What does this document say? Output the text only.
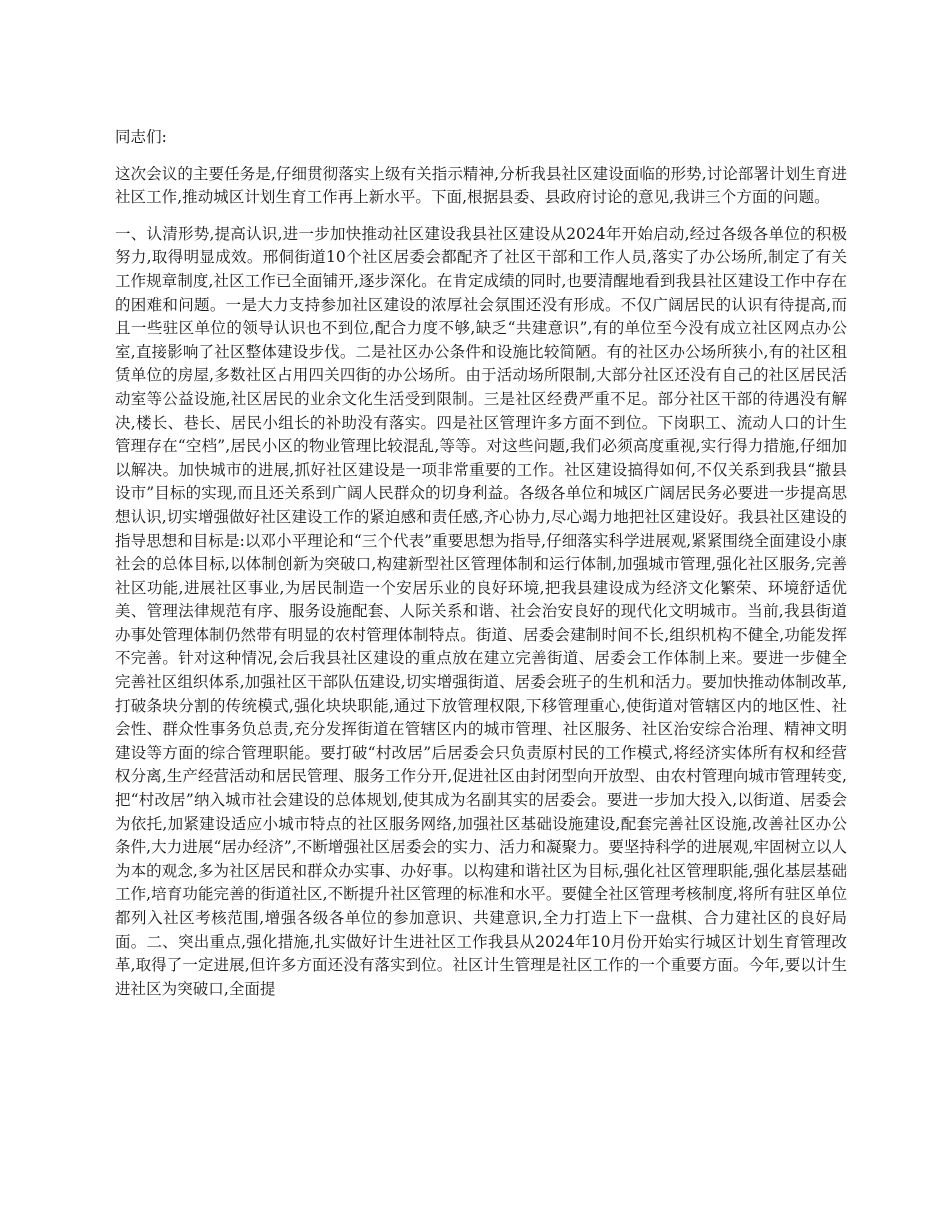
同志们:

这次会议的主要任务是,仔细贯彻落实上级有关指示精神,分析我县社区建设面临的形势,讨论部署计划生育进社区工作,推动城区计划生育工作再上新水平。下面,根据县委、县政府讨论的意见,我讲三个方面的问题。

一、认清形势,提高认识,进一步加快推动社区建设我县社区建设从2024年开始启动,经过各级各单位的积极努力,取得明显成效。邢侗街道10个社区居委会都配齐了社区干部和工作人员,落实了办公场所,制定了有关工作规章制度,社区工作已全面铺开,逐步深化。在肯定成绩的同时,也要清醒地看到我县社区建设工作中存在的困难和问题。一是大力支持参加社区建设的浓厚社会氛围还没有形成。不仅广阔居民的认识有待提高,而且一些驻区单位的领导认识也不到位,配合力度不够,缺乏“共建意识”,有的单位至今没有成立社区网点办公室,直接影响了社区整体建设步伐。二是社区办公条件和设施比较简陋。有的社区办公场所狭小,有的社区租赁单位的房屋,多数社区占用四关四街的办公场所。由于活动场所限制,大部分社区还没有自己的社区居民活动室等公益设施,社区居民的业余文化生活受到限制。三是社区经费严重不足。部分社区干部的待遇没有解决,楼长、巷长、居民小组长的补助没有落实。四是社区管理许多方面不到位。下岗职工、流动人口的计生管理存在“空档”,居民小区的物业管理比较混乱,等等。对这些问题,我们必须高度重视,实行得力措施,仔细加以解决。加快城市的进展,抓好社区建设是一项非常重要的工作。社区建设搞得如何,不仅关系到我县“撤县设市”目标的实现,而且还关系到广阔人民群众的切身利益。各级各单位和城区广阔居民务必要进一步提高思想认识,切实增强做好社区建设工作的紧迫感和责任感,齐心协力,尽心竭力地把社区建设好。我县社区建设的指导思想和目标是:以邓小平理论和“三个代表”重要思想为指导,仔细落实科学进展观,紧紧围绕全面建设小康社会的总体目标,以体制创新为突破口,构建新型社区管理体制和运行体制,加强城市管理,强化社区服务,完善社区功能,进展社区事业,为居民制造一个安居乐业的良好环境,把我县建设成为经济文化繁荣、环境舒适优美、管理法律规范有序、服务设施配套、人际关系和谐、社会治安良好的现代化文明城市。当前,我县街道办事处管理体制仍然带有明显的农村管理体制特点。街道、居委会建制时间不长,组织机构不健全,功能发挥不完善。针对这种情况,会后我县社区建设的重点放在建立完善街道、居委会工作体制上来。要进一步健全完善社区组织体系,加强社区干部队伍建设,切实增强街道、居委会班子的生机和活力。要加快推动体制改革,打破条块分割的传统模式,强化块块职能,通过下放管理权限,下移管理重心,使街道对管辖区内的地区性、社会性、群众性事务负总责,充分发挥街道在管辖区内的城市管理、社区服务、社区治安综合治理、精神文明建设等方面的综合管理职能。要打破“村改居”后居委会只负责原村民的工作模式,将经济实体所有权和经营权分离,生产经营活动和居民管理、服务工作分开,促进社区由封闭型向开放型、由农村管理向城市管理转变,把“村改居”纳入城市社会建设的总体规划,使其成为名副其实的居委会。要进一步加大投入,以街道、居委会为依托,加紧建设适应小城市特点的社区服务网络,加强社区基础设施建设,配套完善社区设施,改善社区办公条件,大力进展“居办经济”,不断增强社区居委会的实力、活力和凝聚力。要坚持科学的进展观,牢固树立以人为本的观念,多为社区居民和群众办实事、办好事。以构建和谐社区为目标,强化社区管理职能,强化基层基础工作,培育功能完善的街道社区,不断提升社区管理的标准和水平。要健全社区管理考核制度,将所有驻区单位都列入社区考核范围,增强各级各单位的参加意识、共建意识,全力打造上下一盘棋、合力建社区的良好局面。二、突出重点,强化措施,扎实做好计生进社区工作我县从2024年10月份开始实行城区计划生育管理改革,取得了一定进展,但许多方面还没有落实到位。社区计生管理是社区工作的一个重要方面。今年,要以计生进社区为突破口,全面提
